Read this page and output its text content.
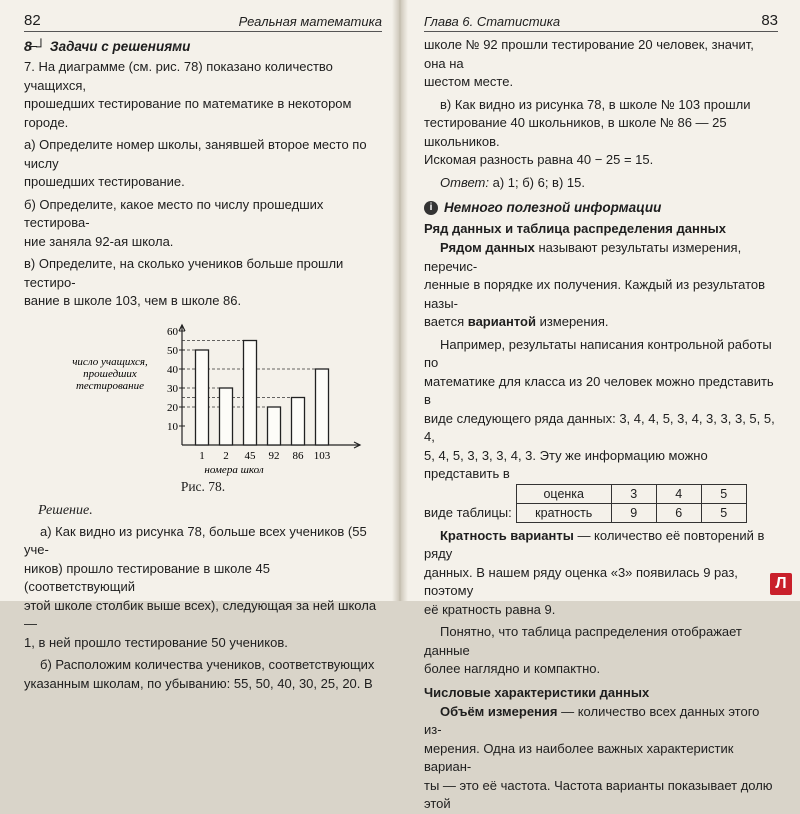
82	Реальная математика
8⌐┘ Задачи с решениями

7. На диаграмме (см. рис. 78) показано количество учащихся,

прошедших тестирование по математике в некотором городе.

а) Определите номер школы, занявшей второе место по числу

прошедших тестирование.

б) Определите, какое место по числу прошедших тестирова-

ние заняла 92-ая школа.

в) Определите, на сколько учеников больше прошли тестиро-

вание в школе 103, чем в школе 86.

число учащихся,
прошедших
тестирование
10
20
30
40
50
60
1 2 45 92 86 103
номера школ
Рис. 78.
Решение.

а) Как видно из рисунка 78, больше всех учеников (55 уче-

ников) прошло тестирование в школе 45 (соответствующий

этой школе столбик выше всех), следующая за ней школа —

1, в ней прошло тестирование 50 учеников.

б) Расположим количества учеников, соответствующих

указанным школам, по убыванию: 55, 50, 40, 30, 25, 20. В

Глава 6. Статистика	83

школе № 92 прошли тестирование 20 человек, значит, она на

шестом месте.

в) Как видно из рисунка 78, в школе № 103 прошли

тестирование 40 школьников, в школе № 86 — 25 школьников.

Искомая разность равна 40 − 25 = 15.

Ответ: а) 1; б) 6; в) 15.

i Немного полезной информации
Ряд данных и таблица распределения данных

Рядом данных называют результаты измерения, перечис-

ленные в порядке их получения. Каждый из результатов назы-

вается вариантой измерения.

Например, результаты написания контрольной работы по

математике для класса из 20 человек можно представить в

виде следующего ряда данных: 3, 4, 4, 5, 3, 4, 3, 3, 3, 5, 5, 4,

5, 4, 5, 3, 3, 3, 4, 3. Эту же информацию можно представить в

виде таблицы:

оценка	3	4	5
кратность	9	6	5

Кратность варианты — количество её повторений в ряду

данных. В нашем ряду оценка «3» появилась 9 раз, поэтому

её кратность равна 9.

Понятно, что таблица распределения отображает данные

более наглядно и компактно.

Числовые характеристики данных

Объём измерения — количество всех данных этого из-

мерения. Одна из наиболее важных характеристик вариан-

ты — это её частота. Частота варианты показывает долю этой

Л
